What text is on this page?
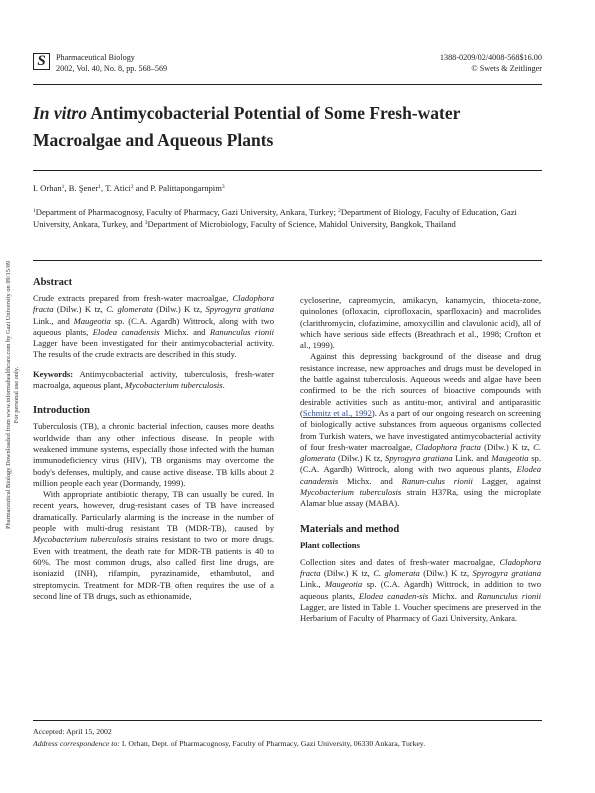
Pharmaceutical Biology Downloaded from www.informahealthcare.com by Gazi University on 09/15/09 For personal use only.
S	Pharmaceutical Biology
2002, Vol. 40, No. 8, pp. 568–569
1388-0209/02/4008-568$16.00
© Swets & Zeitlinger
In vitro Antimycobacterial Potential of Some Fresh-water
Macroalgae and Aqueous Plants
I. Orhan$^1$, B. Şener$^1$, T. Atici$^2$ and P. Palittapongarnpim$^3$
$^1$Department of Pharmacognosy, Faculty of Pharmacy, Gazi University, Ankara, Turkey; $^2$Department of Biology, Faculty of Education, Gazi University, Ankara, Turkey, and $^3$Department of Microbiology, Faculty of Science, Mahidol University, Bangkok, Thailand
Abstract

Crude extracts prepared from fresh-water macroalgae, Cladophora fracta (Dilw.) K tz, C. glomerata (Dilw.) K tz, Spyrogyra gratiana Link., and Maugeotia sp. (C.A. Agardh) Wittrock, along with two aqueous plants, Elodea canadensis Michx. and Ranunculus rionii Lagger have been investigated for their antimycobacterial activity. The results of the crude extracts are described in this study.

Keywords: Antimycobacterial activity, tuberculosis, fresh-water macroalga, aqueous plant, Mycobacterium tuberculosis.

Introduction

Tuberculosis (TB), a chronic bacterial infection, causes more deaths worldwide than any other infectious disease. In people with weakened immune systems, especially those infected with the human immunodeficiency virus (HIV), TB organisms may overcome the body's defenses, multiply, and cause active disease. TB kills about 2 million people each year (Dormandy, 1999).

With appropriate antibiotic therapy, TB can usually be cured. In recent years, however, drug-resistant cases of TB have increased dramatically. Particularly alarming is the increase in the number of people with multi-drug resistant TB (MDR-TB), caused by Mycobacterium tuberculosis strains resistant to two or more drugs. Even with treatment, the death rate for MDR-TB patients is 40 to 60%. The most common drugs, also called first line drugs, are isoniazid (INH), rifampin, pyrazinamide, ethambutol, and streptomycin. Treatment for MDR-TB often requires the use of a second line of TB drugs, such as ethionamide,

cycloserine, capreomycin, amikacyn, kanamycin, thioceta-zone, quinolones (ofloxacin, ciprofloxacin, sparfloxacin) and macrolides (clarithromycin, clofazimine, amoxycillin and clavulonic acid), all of which have serious side effects (Breathrach et al., 1998; Crofton et al., 1999).

Against this depressing background of the disease and drug resistance increase, new approaches and drugs must be developed in the battle against tuberculosis. Aqueous weeds and algae have been confirmed to be the rich sources of bioactive compounds with desirable activities such as antitu-mor, antiviral and antiparasitic (Schmitz et al., 1992). As a part of our ongoing research on screening of biologically active substances from aqueous organisms collected from Turkish waters, we have investigated antimycobacterial activity of four fresh-water macroalgae, Cladophora fracta (Dilw.) K tz, C. glomerata (Dilw.) K tz, Spyrogyra gratiana Link. and Maugeotia sp. (C.A. Agardh) Wittrock, along with two aqueous plants, Elodea canadensis Michx. and Ranun-culus rionii Lagger, against Mycobacterium tuberculosis strain H37Ra, using the microplate Alamar blue assay (MABA).

Materials and method
Plant collections

Collection sites and dates of fresh-water macroalgae, Cladophora fracta (Dilw.) K tz, C. glomerata (Dilw.) K tz, Spyrogyra gratiana Link., Maugeotia sp. (C.A. Agardh) Wittrock, in addition to two aqueous plants, Elodea canaden-sis Michx. and Ranunculus rionii Lagger, are listed in Table 1. Voucher specimens are preserved in the Herbarium of Faculty of Pharmacy of Gazi University, Ankara.

Accepted: April 15, 2002
Address correspondence to: I. Orhan, Dept. of Pharmacognosy, Faculty of Pharmacy, Gazi University, 06330 Ankara, Turkey.
